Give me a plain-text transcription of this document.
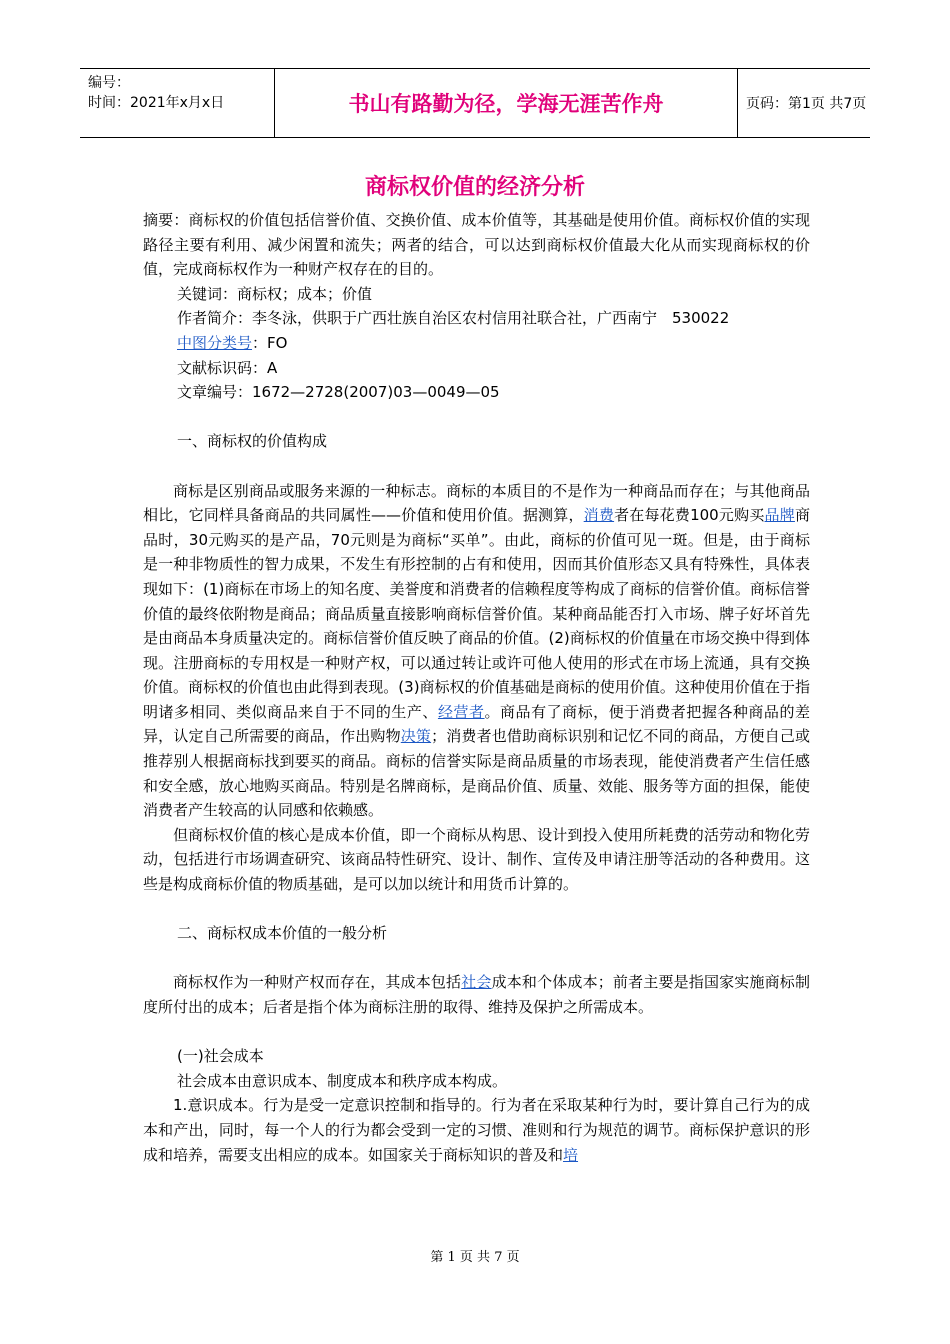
编号：
时间：2021年x月x日	书山有路勤为径，学海无涯苦作舟	页码：第1页 共7页
商标权价值的经济分析

摘要：商标权的价值包括信誉价值、交换价值、成本价值等，其基础是使用价值。商标权价值的实现路径主要有利用、减少闲置和流失；两者的结合，可以达到商标权价值最大化从而实现商标权的价值，完成商标权作为一种财产权存在的目的。

关键词：商标权；成本；价值

作者简介：李冬泳，供职于广西壮族自治区农村信用社联合社，广西南宁　530022

中图分类号：FO

文献标识码：A

文章编号：1672—2728(2007)03—0049—05

一、商标权的价值构成

商标是区别商品或服务来源的一种标志。商标的本质目的不是作为一种商品而存在；与其他商品相比，它同样具备商品的共同属性——价值和使用价值。据测算，消费者在每花费100元购买品牌商品时，30元购买的是产品，70元则是为商标“买单”。由此，商标的价值可见一斑。但是，由于商标是一种非物质性的智力成果，不发生有形控制的占有和使用，因而其价值形态又具有特殊性，具体表现如下：(1)商标在市场上的知名度、美誉度和消费者的信赖程度等构成了商标的信誉价值。商标信誉价值的最终依附物是商品；商品质量直接影响商标信誉价值。某种商品能否打入市场、牌子好坏首先是由商品本身质量决定的。商标信誉价值反映了商品的价值。(2)商标权的价值量在市场交换中得到体现。注册商标的专用权是一种财产权，可以通过转让或许可他人使用的形式在市场上流通，具有交换价值。商标权的价值也由此得到表现。(3)商标权的价值基础是商标的使用价值。这种使用价值在于指明诸多相同、类似商品来自于不同的生产、经营者。商品有了商标，便于消费者把握各种商品的差异，认定自己所需要的商品，作出购物决策；消费者也借助商标识别和记忆不同的商品，方便自己或推荐别人根据商标找到要买的商品。商标的信誉实际是商品质量的市场表现，能使消费者产生信任感和安全感，放心地购买商品。特别是名牌商标，是商品价值、质量、效能、服务等方面的担保，能使消费者产生较高的认同感和依赖感。

但商标权价值的核心是成本价值，即一个商标从构思、设计到投入使用所耗费的活劳动和物化劳动，包括进行市场调查研究、该商品特性研究、设计、制作、宣传及申请注册等活动的各种费用。这些是构成商标价值的物质基础，是可以加以统计和用货币计算的。

二、商标权成本价值的一般分析

商标权作为一种财产权而存在，其成本包括社会成本和个体成本；前者主要是指国家实施商标制度所付出的成本；后者是指个体为商标注册的取得、维持及保护之所需成本。

(一)社会成本

社会成本由意识成本、制度成本和秩序成本构成。

1.意识成本。行为是受一定意识控制和指导的。行为者在采取某种行为时，要计算自己行为的成本和产出，同时，每一个人的行为都会受到一定的习惯、准则和行为规范的调节。商标保护意识的形成和培养，需要支出相应的成本。如国家关于商标知识的普及和培

第 1 页 共 7 页
